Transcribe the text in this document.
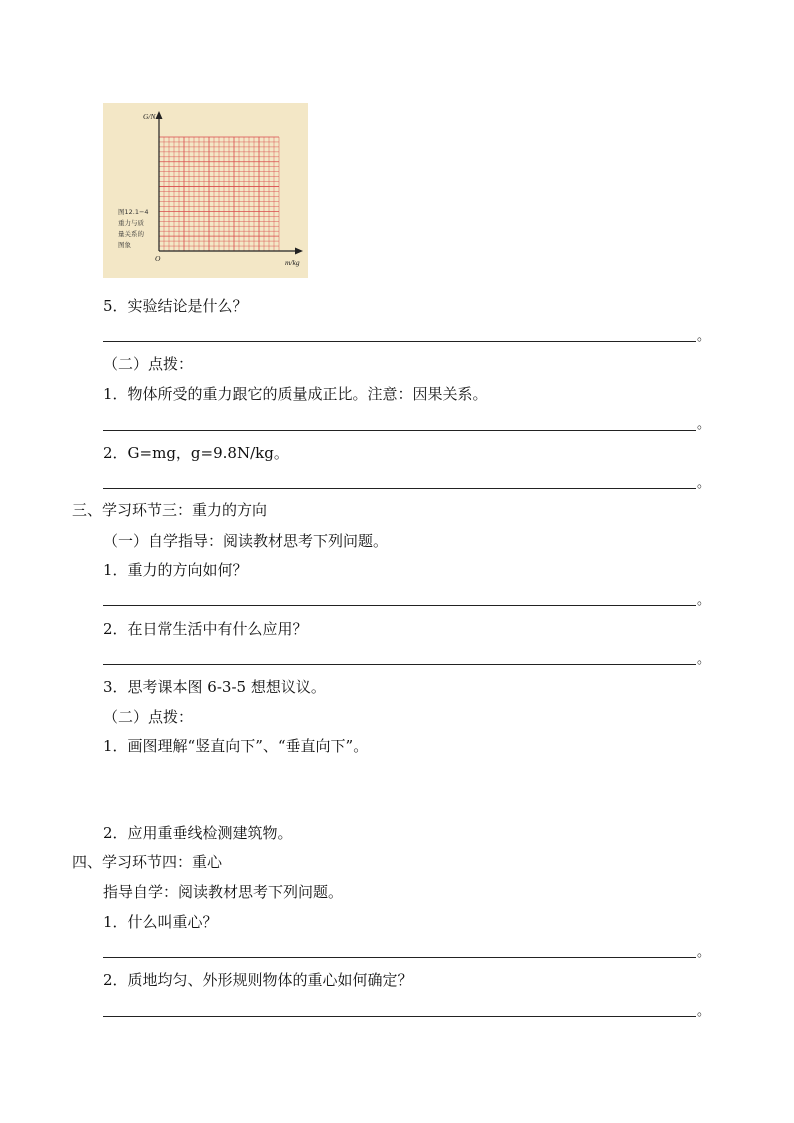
G/N
m/kg
O
图12.1−4
重力与质
量关系的
图象
5．实验结论是什么？
。
（二）点拨：
1．物体所受的重力跟它的质量成正比。注意：因果关系。
。
2．G=mg，g=9.8N/kg。
。
三、学习环节三：重力的方向
（一）自学指导：阅读教材思考下列问题。
1．重力的方向如何？
。
2．在日常生活中有什么应用？
。
3．思考课本图 6-3-5 想想议议。
（二）点拨：
1．画图理解“竖直向下”、“垂直向下”。
2．应用重垂线检测建筑物。
四、学习环节四：重心
指导自学：阅读教材思考下列问题。
1．什么叫重心？
。
2．质地均匀、外形规则物体的重心如何确定？
。
